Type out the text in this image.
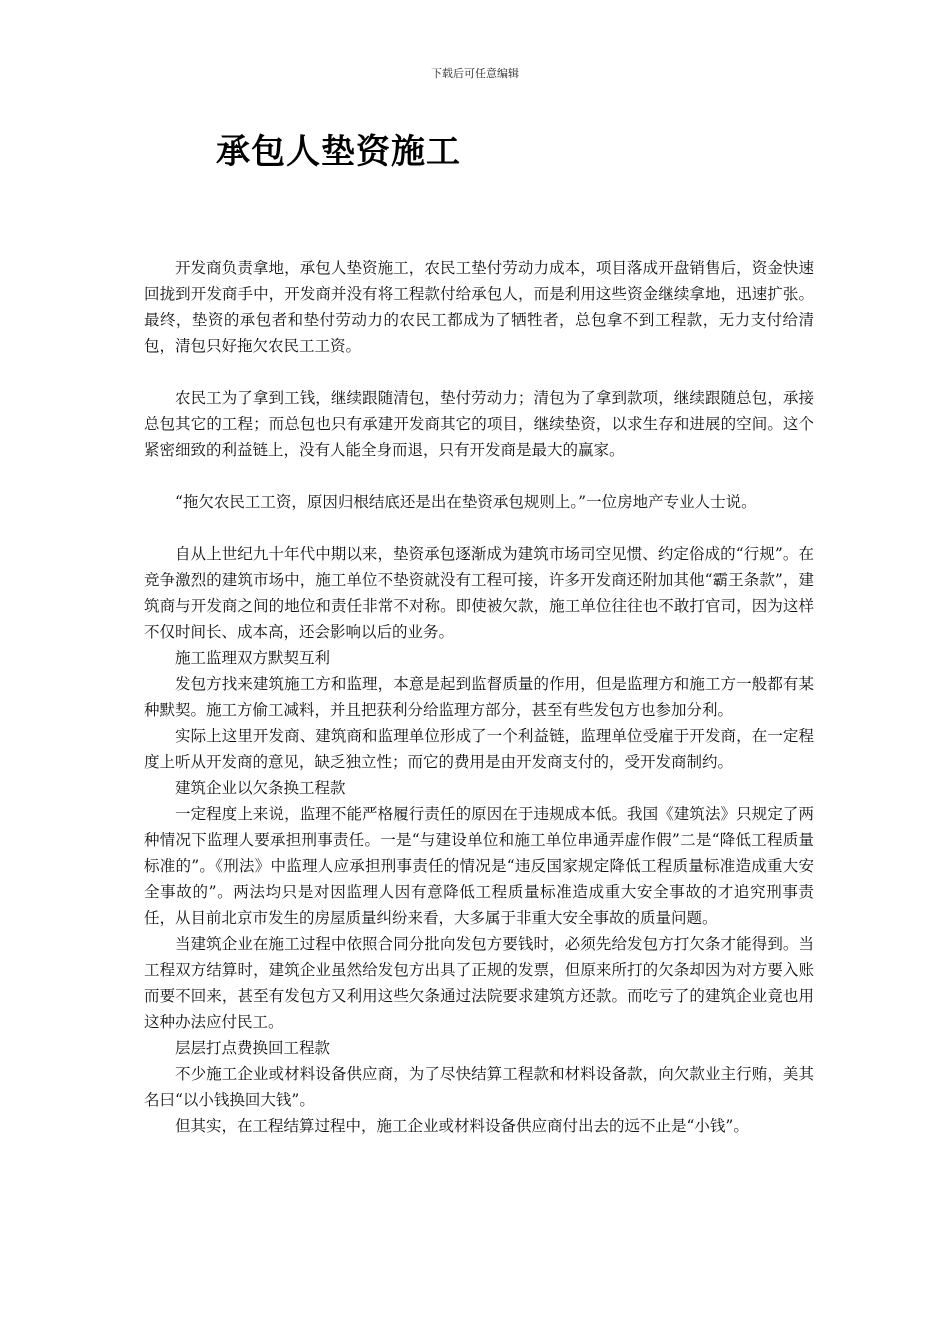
下载后可任意编辑
承包人垫资施工

开发商负责拿地，承包人垫资施工，农民工垫付劳动力成本，项目落成开盘销售后，资金快速回拢到开发商手中，开发商并没有将工程款付给承包人，而是利用这些资金继续拿地，迅速扩张。最终，垫资的承包者和垫付劳动力的农民工都成为了牺牲者，总包拿不到工程款，无力支付给清包，清包只好拖欠农民工工资。

农民工为了拿到工钱，继续跟随清包，垫付劳动力；清包为了拿到款项，继续跟随总包，承接总包其它的工程；而总包也只有承建开发商其它的项目，继续垫资，以求生存和进展的空间。这个紧密细致的利益链上，没有人能全身而退，只有开发商是最大的赢家。

“拖欠农民工工资，原因归根结底还是出在垫资承包规则上。”一位房地产专业人士说。

自从上世纪九十年代中期以来，垫资承包逐渐成为建筑市场司空见惯、约定俗成的“行规”。在竞争激烈的建筑市场中，施工单位不垫资就没有工程可接，许多开发商还附加其他“霸王条款”，建筑商与开发商之间的地位和责任非常不对称。即使被欠款，施工单位往往也不敢打官司，因为这样不仅时间长、成本高，还会影响以后的业务。

施工监理双方默契互利

发包方找来建筑施工方和监理，本意是起到监督质量的作用，但是监理方和施工方一般都有某种默契。施工方偷工减料，并且把获利分给监理方部分，甚至有些发包方也参加分利。

实际上这里开发商、建筑商和监理单位形成了一个利益链，监理单位受雇于开发商，在一定程度上听从开发商的意见，缺乏独立性；而它的费用是由开发商支付的，受开发商制约。

建筑企业以欠条换工程款

一定程度上来说，监理不能严格履行责任的原因在于违规成本低。我国《建筑法》只规定了两种情况下监理人要承担刑事责任。一是“与建设单位和施工单位串通弄虚作假”二是“降低工程质量标准的”。《刑法》中监理人应承担刑事责任的情况是“违反国家规定降低工程质量标准造成重大安全事故的”。两法均只是对因监理人因有意降低工程质量标准造成重大安全事故的才追究刑事责任，从目前北京市发生的房屋质量纠纷来看，大多属于非重大安全事故的质量问题。

当建筑企业在施工过程中依照合同分批向发包方要钱时，必须先给发包方打欠条才能得到。当工程双方结算时，建筑企业虽然给发包方出具了正规的发票，但原来所打的欠条却因为对方要入账而要不回来，甚至有发包方又利用这些欠条通过法院要求建筑方还款。而吃亏了的建筑企业竟也用这种办法应付民工。

层层打点费换回工程款

不少施工企业或材料设备供应商，为了尽快结算工程款和材料设备款，向欠款业主行贿，美其名曰“以小钱换回大钱”。

但其实，在工程结算过程中，施工企业或材料设备供应商付出去的远不止是“小钱”。
